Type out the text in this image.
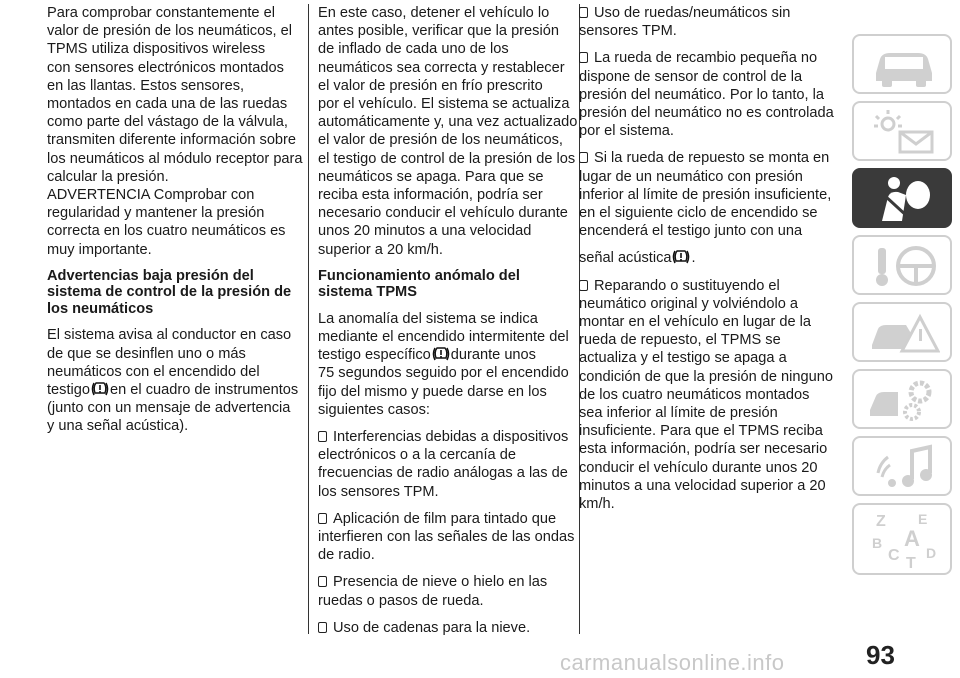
Para comprobar constantemente el
valor de presión de los neumáticos, el
TPMS utiliza dispositivos wireless
con sensores electrónicos montados
en las llantas. Estos sensores,
montados en cada una de las ruedas
como parte del vástago de la válvula,
transmiten diferente información sobre
los neumáticos al módulo receptor para
calcular la presión.
ADVERTENCIA Comprobar con
regularidad y mantener la presión
correcta en los cuatro neumáticos es
muy importante.
Advertencias baja presión del
sistema de control de la presión de
los neumáticos
El sistema avisa al conductor en caso
de que se desinflen uno o más
neumáticos con el encendido del
testigo en el cuadro de instrumentos
(junto con un mensaje de advertencia
y una señal acústica).
En este caso, detener el vehículo lo
antes posible, verificar que la presión
de inflado de cada uno de los
neumáticos sea correcta y restablecer
el valor de presión en frío prescrito
por el vehículo. El sistema se actualiza
automáticamente y, una vez actualizado
el valor de presión de los neumáticos,
el testigo de control de la presión de los
neumáticos se apaga. Para que se
reciba esta información, podría ser
necesario conducir el vehículo durante
unos 20 minutos a una velocidad
superior a 20 km/h.
Funcionamiento anómalo del
sistema TPMS
La anomalía del sistema se indica
mediante el encendido intermitente del
testigo específico durante unos
75 segundos seguido por el encendido
fijo del mismo y puede darse en los
siguientes casos:
Interferencias debidas a dispositivos
electrónicos o a la cercanía de
frecuencias de radio análogas a las de
los sensores TPM.
Aplicación de film para tintado que
interfieren con las señales de las ondas
de radio.
Presencia de nieve o hielo en las
ruedas o pasos de rueda.
Uso de cadenas para la nieve.
Uso de ruedas/neumáticos sin
sensores TPM.
La rueda de recambio pequeña no
dispone de sensor de control de la
presión del neumático. Por lo tanto, la
presión del neumático no es controlada
por el sistema.
Si la rueda de repuesto se monta en
lugar de un neumático con presión
inferior al límite de presión insuficiente,
en el siguiente ciclo de encendido se
encenderá el testigo junto con una
señal acústica .
Reparando o sustituyendo el
neumático original y volviéndolo a
montar en el vehículo en lugar de la
rueda de repuesto, el TPMS se
actualiza y el testigo se apaga a
condición de que la presión de ninguno
de los cuatro neumáticos montados
sea inferior al límite de presión
insuficiente. Para que el TPMS reciba
esta información, podría ser necesario
conducir el vehículo durante unos 20
minutos a una velocidad superior a 20
km/h.
Z E
A
B
C D
T
93
carmanualsonline.info
